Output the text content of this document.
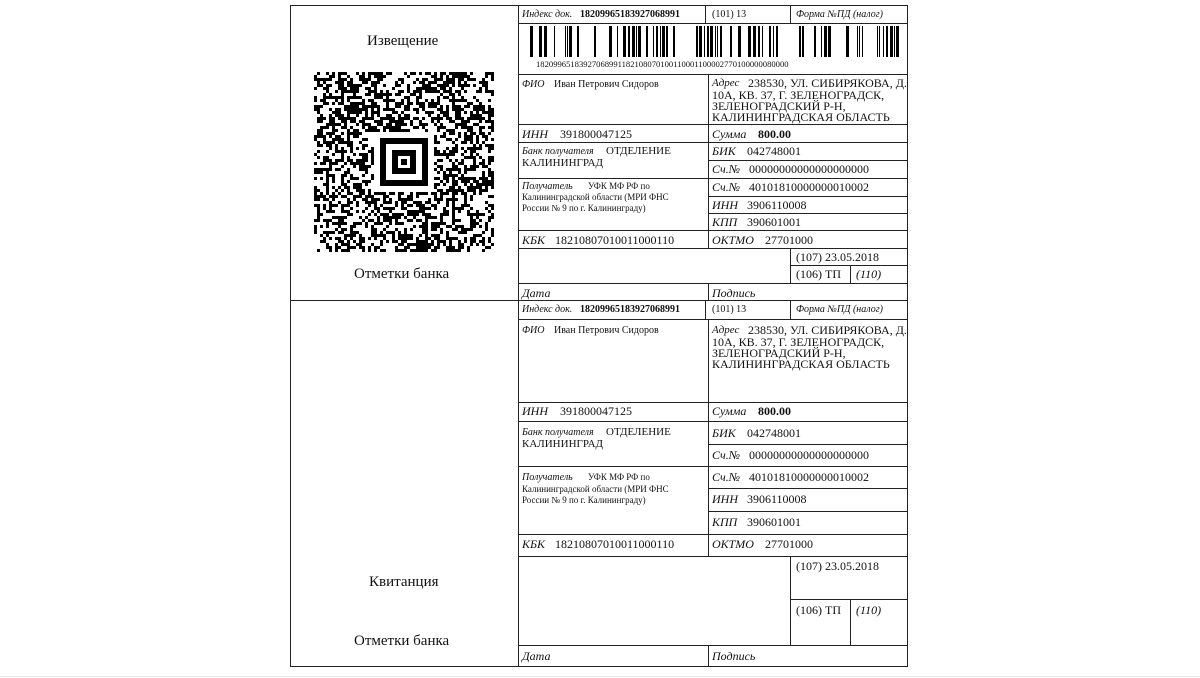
Извещение
Отметки банка
Индекс док. 18209965183927068991	(101) 13	Форма №ПД (налог)
18209965183927068991182108070100110001100002770100000080000
ФИО Иван Петрович Сидоров	Адрес 238530, УЛ. СИБИРЯКОВА, Д.
10А, КВ. 37, Г. ЗЕЛЕНОГРАДСК,
ЗЕЛЕНОГРАДСКИЙ Р-Н,
КАЛИНИНГРАДСКАЯ ОБЛАСТЬ
ИНН 391800047125	Сумма 800.00
Банк получателя ОТДЕЛЕНИЕ
КАЛИНИНГРАД
БИК 042748001
Сч.№ 00000000000000000000
Получатель УФК МФ РФ по
Калининградской области (МРИ ФНС
России № 9 по г. Калининграду)
Сч.№ 40101810000000010002
ИНН 3906110008
КПП 390601001
КБК 18210807010011000110	ОКТМО 27701000
(107) 23.05.2018
(106) ТП (110)
Дата	Подпись
Квитанция
Отметки банка
Индекс док. 18209965183927068991	(101) 13	Форма №ПД (налог)
ФИО Иван Петрович Сидоров	Адрес 238530, УЛ. СИБИРЯКОВА, Д.
10А, КВ. 37, Г. ЗЕЛЕНОГРАДСК,
ЗЕЛЕНОГРАДСКИЙ Р-Н,
КАЛИНИНГРАДСКАЯ ОБЛАСТЬ
ИНН 391800047125	Сумма 800.00
Банк получателя ОТДЕЛЕНИЕ
КАЛИНИНГРАД
БИК 042748001
Сч.№ 00000000000000000000
Получатель УФК МФ РФ по
Калининградской области (МРИ ФНС
России № 9 по г. Калининграду)
Сч.№ 40101810000000010002
ИНН 3906110008
КПП 390601001
КБК 18210807010011000110	ОКТМО 27701000
(107) 23.05.2018
(106) ТП (110)
Дата	Подпись
